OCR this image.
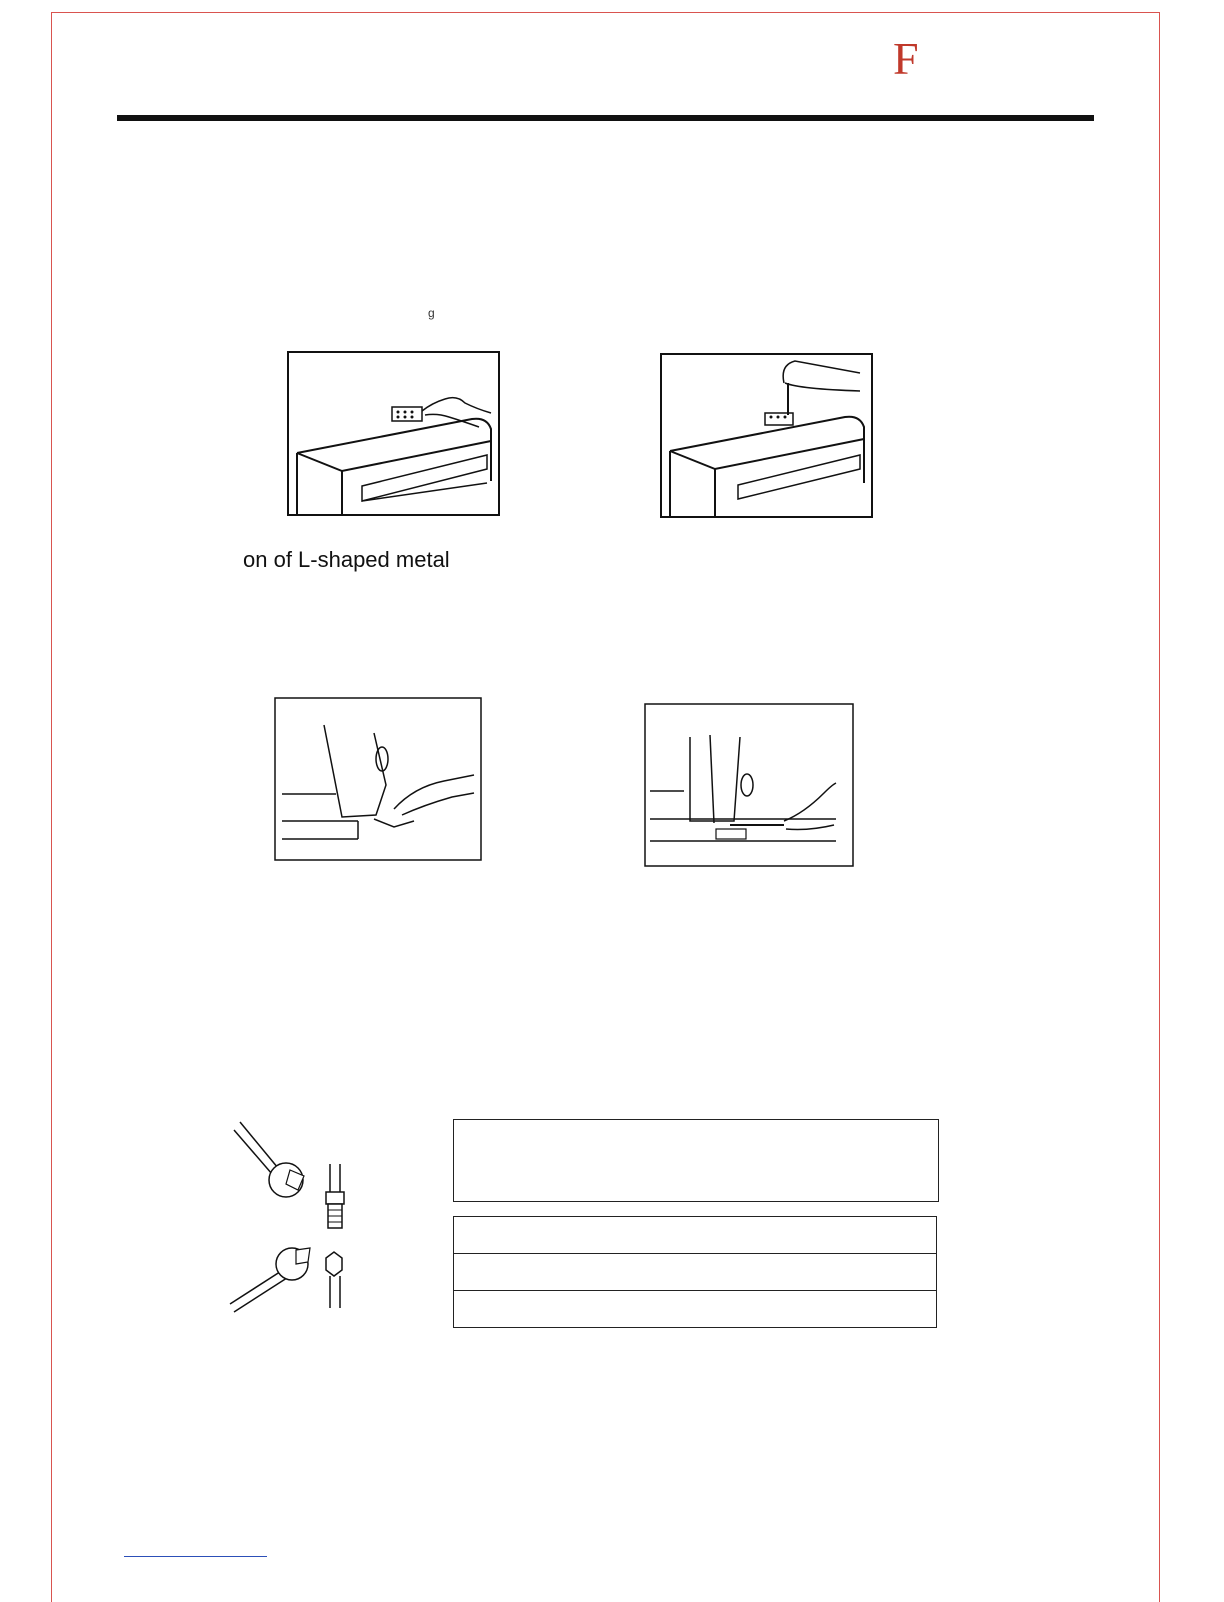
F
g
on of L-shaped metal
